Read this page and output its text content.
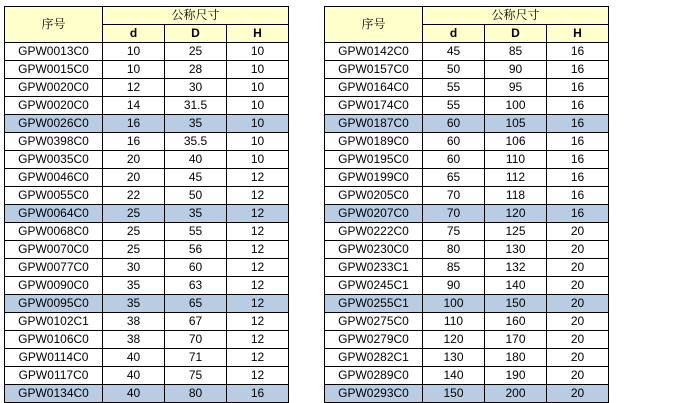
序号	公称尺寸		
	d	D	H
GPW0013C0	10	25	10
GPW0015C0	10	28	10
GPW0020C0	12	30	10
GPW0020C0	14	31.5	10
GPW0026C0	16	35	10
GPW0398C0	16	35.5	10
GPW0035C0	20	40	10
GPW0046C0	20	45	12
GPW0055C0	22	50	12
GPW0064C0	25	35	12
GPW0068C0	25	55	12
GPW0070C0	25	56	12
GPW0077C0	30	60	12
GPW0090C0	35	63	12
GPW0095C0	35	65	12
GPW0102C1	38	67	12
GPW0106C0	38	70	12
GPW0114C0	40	71	12
GPW0117C0	40	75	12
GPW0134C0	40	80	16
序号	公称尺寸		
	d	D	H
GPW0142C0	45	85	16
GPW0157C0	50	90	16
GPW0164C0	55	95	16
GPW0174C0	55	100	16
GPW0187C0	60	105	16
GPW0189C0	60	106	16
GPW0195C0	60	110	16
GPW0199C0	65	112	16
GPW0205C0	70	118	16
GPW0207C0	70	120	16
GPW0222C0	75	125	20
GPW0230C0	80	130	20
GPW0233C1	85	132	20
GPW0245C1	90	140	20
GPW0255C1	100	150	20
GPW0275C0	110	160	20
GPW0279C0	120	170	20
GPW0282C1	130	180	20
GPW0289C0	140	190	20
GPW0293C0	150	200	20
